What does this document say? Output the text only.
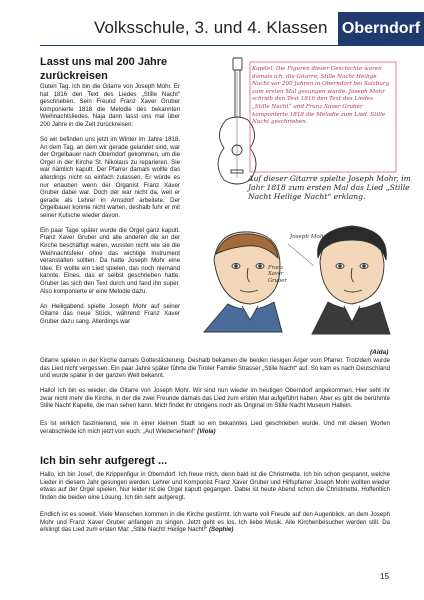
Volksschule, 3. und 4. Klassen Oberndorf
Lasst uns mal 200 Jahre zurückreisen

Guten Tag. Ich bin die Gitarre von Joseph Mohr. Er hat 1816 den Text des Liedes „Stille Nacht“ geschrieben. Sein Freund Franz Xaver Gruber komponierte 1818 die Melodie des bekannten Weihnachtsliedes. Naja dann lasst uns mal über 200 Jahre in die Zeit zurückreisen:

So wir befinden uns jetzt im Winter im Jahre 1818. An dem Tag, an dem wir gerade gelandet sind, war der Orgelbauer nach Oberndorf gekommen, um die Orgel in der Kirche St. Nikolaus zu reparieren. Sie war nämlich kaputt. Der Pfarrer damals wollte das allerdings nicht so einfach zulassen. Er würde es nur erlauben wenn der Organist Franz Xaver Gruber dabei war. Doch der war nicht da, weil er gerade als Lehrer in Arnsdorf arbeitete. Der Orgelbauer konnte nicht warten, deshalb fuhr er mit seiner Kutsche wieder davon.

Ein paar Tage später wurde die Orgel ganz kaputt. Franz Xaver Gruber und alle anderen die an der Kirche beschäftigt waren, wussten nicht wie sie die Weihnachtsfeier ohne das wichtige Instrument veranstalten sollten. Da hatte Joseph Mohr eine Idee. Er wollte ein Lied spielen, das noch niemand kannte. Eines, das er selbst geschrieben hatte. Gruber las sich den Text durch und fand ihn super. Also komponierte er eine Melodie dazu.

An Heiligabend spielte Joseph Mohr auf seiner Gitarre das neue Stück, während Franz Xaver Gruber dazu sang. Allerdings war

Kapitel: Die Figuren dieser Geschichte waren damals ich, die Gitarre, Stille Nacht Heilige Nacht vor 200 Jahren in Oberndorf bei Salzburg zum ersten Mal gesungen wurde. Joseph Mohr schrieb den Text 1816 den Text des Liedes „Stille Nacht“ und Franz Xaver Gruber komponierte 1818 die Melodie zum Lied. Stille Nacht geschrieben.
Auf dieser Gitarre spielte Joseph Mohr, im Jahr 1818 zum ersten Mal das Lied „Stille Nacht Heilige Nacht“ erklang.
Joseph Mohr
Franz Xaver Gruber
(Aida)
Gitarre spielen in der Kirche damals Gotteslästerung. Deshalb bekamen die beiden riesigen Ärger vom Pfarrer. Trotzdem wurde das Lied nicht vergessen. Ein paar Jahre später führte die Tiroler Familie Strasser „Stille Nacht“ auf. So kam es nach Deutschland und wurde später in der ganzen Welt bekannt.
Hallo! Ich bin es wieder, die Gitarre von Joseph Mohr. Wir sind nun wieder im heutigen Oberndorf angekommen. Hier seht ihr zwar nicht mehr die Kirche, in der die zwei Freunde damals das Lied zum ersten Mal aufgeführt haben. Aber es gibt die berühmte Stille Nacht Kapelle, die man sehen kann. Mich findet ihr übrigens noch als Original im Stille Nacht Museum Hallein.
Es ist wirklich faszinierend, wie in einer kleinen Stadt so ein bekanntes Lied geschrieben wurde. Und mit diesen Worten verabschiede ich mich jetzt von euch: „Auf Wiedersehen!“ (Viola)
Ich bin sehr aufgeregt ...
Hallo, ich bin Josef, die Krippenfigur in Oberndorf. Ich freue mich, denn bald ist die Christmette. Ich bin schon gespannt, welche Lieder in diesem Jahr gesungen werden. Lehrer und Komponist Franz Xaver Gruber und Hilfspfarrer Joseph Mohr wollten wieder etwas auf der Orgel spielen. Nur leider ist die Orgel kaputt gegangen. Dabei ist heute Abend schon die Christmette. Hoffentlich finden die beiden eine Lösung. Ich bin sehr aufgeregt.
Endlich ist es soweit. Viele Menschen kommen in die Kirche gestürmt. Ich warte voll Freude auf den Augenblick, an dem Joseph Mohr und Franz Xaver Gruber anfangen zu singen. Jetzt geht es los. Ich liebe Musik. Alle Kirchenbesucher werden still. Da erklingt das Lied zum ersten Mal: „Stille Nacht! Heilige Nacht!“ (Sophie)
15
